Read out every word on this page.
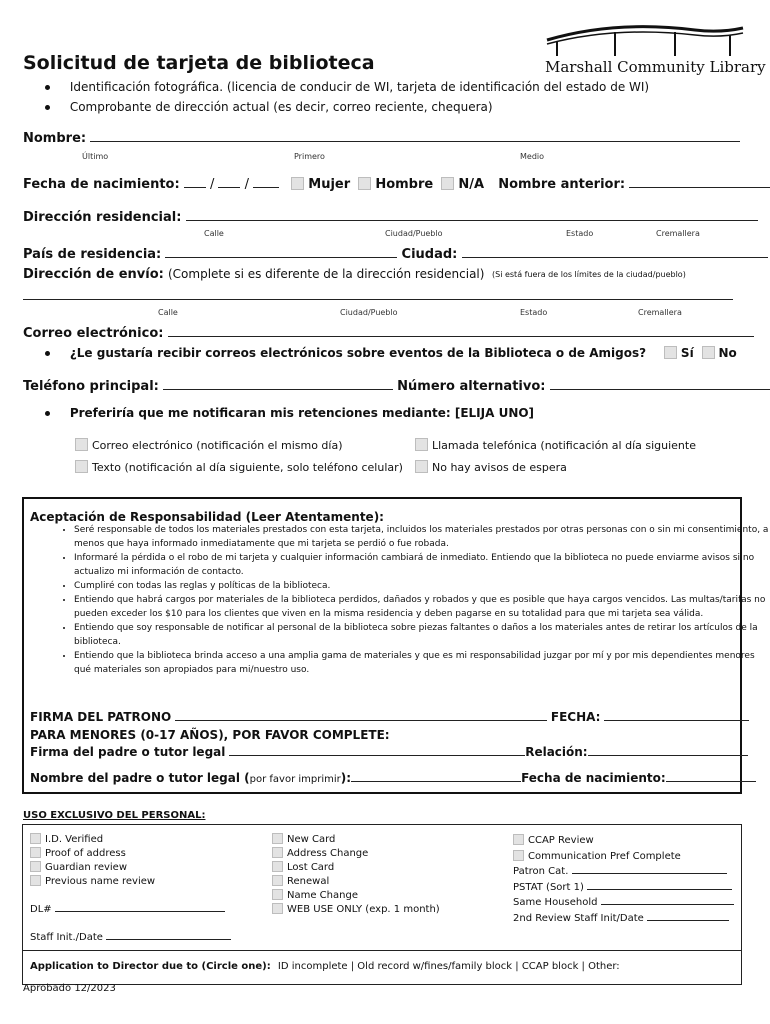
Marshall Community Library
Solicitud de tarjeta de biblioteca
Identificación fotográfica. (licencia de conducir de WI, tarjeta de identificación del estado de WI)
Comprobante de dirección actual (es decir, correo reciente, chequera)
Nombre:
Último	Primero	Medio
Fecha de nacimiento:  /  /	Mujer Hombre N/A Nombre anterior:
Dirección residencial:
Calle	Ciudad/Pueblo	Estado	Cremallera
País de residencia:	Ciudad:
Dirección de envío: (Complete si es diferente de la dirección residencial) (Si está fuera de los límites de la ciudad/pueblo)
Calle	Ciudad/Pueblo	Estado	Cremallera
Correo electrónico:
¿Le gustaría recibir correos electrónicos sobre eventos de la Biblioteca o de Amigos?	Sí No
Teléfono principal:	Número alternativo:
Preferiría que me notificaran mis retenciones mediante: [ELIJA UNO]
Correo electrónico (notificación el mismo día)	Llamada telefónica (notificación al día siguiente
Texto (notificación al día siguiente, solo teléfono celular)	No hay avisos de espera
Aceptación de Responsabilidad (Leer Atentamente):
• Seré responsable de todos los materiales prestados con esta tarjeta, incluidos los materiales prestados por otras personas con o sin mi consentimiento, a menos que haya informado inmediatamente que mi tarjeta se perdió o fue robada.
• Informaré la pérdida o el robo de mi tarjeta y cualquier información cambiará de inmediato. Entiendo que la biblioteca no puede enviarme avisos si no actualizo mi información de contacto.
• Cumpliré con todas las reglas y políticas de la biblioteca.
• Entiendo que habrá cargos por materiales de la biblioteca perdidos, dañados y robados y que es posible que haya cargos vencidos. Las multas/tarifas no pueden exceder los $10 para los clientes que viven en la misma residencia y deben pagarse en su totalidad para que mi tarjeta sea válida.
• Entiendo que soy responsable de notificar al personal de la biblioteca sobre piezas faltantes o daños a los materiales antes de retirar los artículos de la biblioteca.
• Entiendo que la biblioteca brinda acceso a una amplia gama de materiales y que es mi responsabilidad juzgar por mí y por mis dependientes menores qué materiales son apropiados para mi/nuestro uso.
FIRMA DEL PATRONO	FECHA:
PARA MENORES (0-17 AÑOS), POR FAVOR COMPLETE:
Firma del padre o tutor legal	Relación:
Nombre del padre o tutor legal (por favor imprimir):	Fecha de nacimiento:
USO EXCLUSIVO DEL PERSONAL:
I.D. Verified
Proof of address
Guardian review
Previous name review
DL#
Staff Init./Date
New Card
Address Change
Lost Card
Renewal
Name Change
WEB USE ONLY (exp. 1 month)
CCAP Review
Communication Pref Complete
Patron Cat.
PSTAT (Sort 1)
Same Household
2nd Review Staff Init/Date
Application to Director due to (Circle one): ID incomplete | Old record w/fines/family block | CCAP block | Other:
Aprobado 12/2023
